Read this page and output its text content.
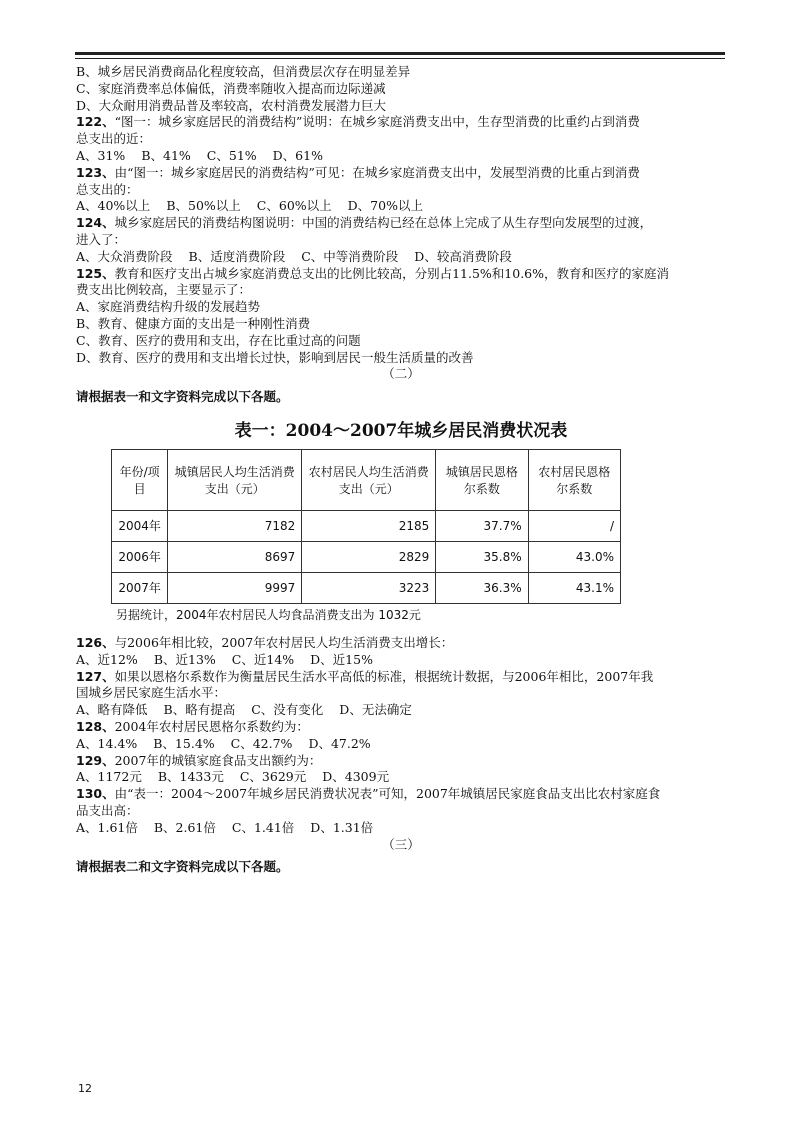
B、城乡居民消费商品化程度较高，但消费层次存在明显差异
C、家庭消费率总体偏低，消费率随收入提高而边际递减
D、大众耐用消费品普及率较高，农村消费发展潜力巨大
122、“图一：城乡家庭居民的消费结构”说明：在城乡家庭消费支出中，生存型消费的比重约占到消费
总支出的近：
A、31% B、41% C、51% D、61%
123、由“图一：城乡家庭居民的消费结构”可见：在城乡家庭消费支出中，发展型消费的比重占到消费
总支出的：
A、40%以上 B、50%以上 C、60%以上 D、70%以上
124、城乡家庭居民的消费结构图说明：中国的消费结构已经在总体上完成了从生存型向发展型的过渡，
进入了：
A、大众消费阶段 B、适度消费阶段 C、中等消费阶段 D、较高消费阶段
125、教育和医疗支出占城乡家庭消费总支出的比例比较高，分别占11.5%和10.6%，教育和医疗的家庭消
费支出比例较高，主要显示了：
A、家庭消费结构升级的发展趋势
B、教育、健康方面的支出是一种刚性消费
C、教育、医疗的费用和支出，存在比重过高的问题
D、教育、医疗的费用和支出增长过快，影响到居民一般生活质量的改善
（二）
请根据表一和文字资料完成以下各题。
表一：2004～2007年城乡居民消费状况表
年份/项目	城镇居民人均生活消费支出（元）	农村居民人均生活消费支出（元）	城镇居民恩格尔系数	农村居民恩格尔系数
2004年	7182	2185	37.7%	/
2006年	8697	2829	35.8%	43.0%
2007年	9997	3223	36.3%	43.1%
另据统计，2004年农村居民人均食品消费支出为 1032元
126、与2006年相比较，2007年农村居民人均生活消费支出增长：
A、近12% B、近13% C、近14% D、近15%
127、如果以恩格尔系数作为衡量居民生活水平高低的标准，根据统计数据，与2006年相比，2007年我
国城乡居民家庭生活水平：
A、略有降低 B、略有提高 C、没有变化 D、无法确定
128、2004年农村居民恩格尔系数约为：
A、14.4% B、15.4% C、42.7% D、47.2%
129、2007年的城镇家庭食品支出额约为：
A、1172元 B、1433元 C、3629元 D、4309元
130、由“表一：2004～2007年城乡居民消费状况表”可知，2007年城镇居民家庭食品支出比农村家庭食
品支出高：
A、1.61倍 B、2.61倍 C、1.41倍 D、1.31倍
（三）
请根据表二和文字资料完成以下各题。
12
